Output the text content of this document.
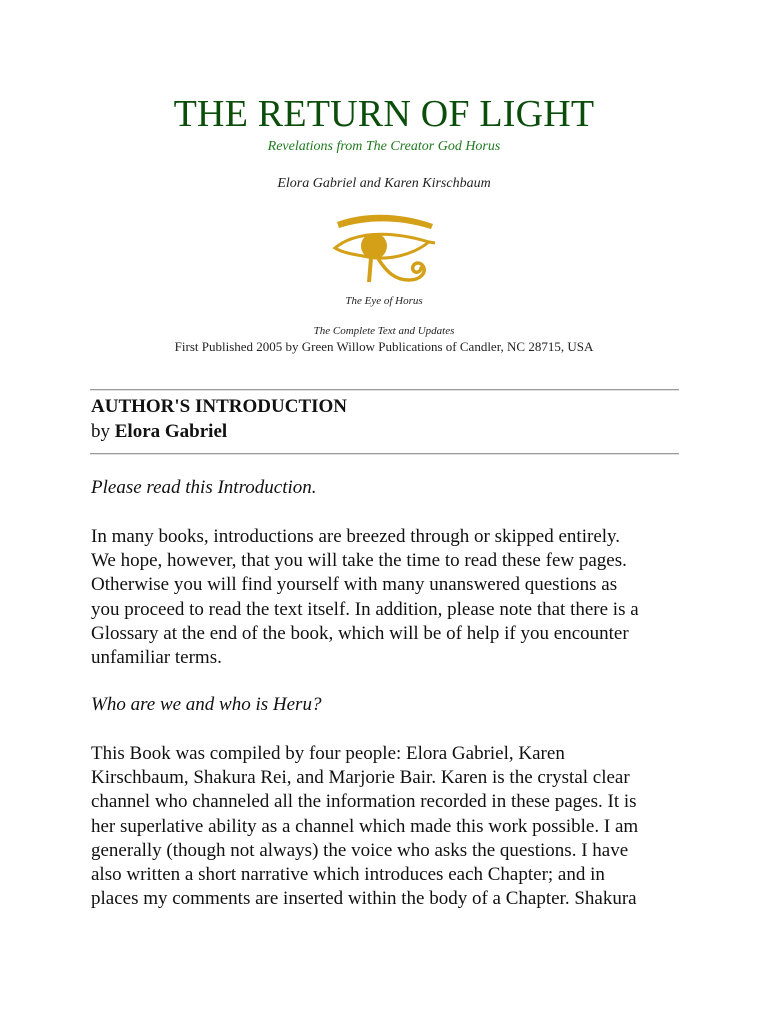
THE RETURN OF LIGHT
Revelations from The Creator God Horus
Elora Gabriel and Karen Kirschbaum
The Eye of Horus
The Complete Text and Updates
First Published 2005 by Green Willow Publications of Candler, NC 28715, USA
AUTHOR'S INTRODUCTION
by Elora Gabriel
Please read this Introduction.
In many books, introductions are breezed through or skipped entirely.
We hope, however, that you will take the time to read these few pages.
Otherwise you will find yourself with many unanswered questions as
you proceed to read the text itself. In addition, please note that there is a
Glossary at the end of the book, which will be of help if you encounter
unfamiliar terms.
Who are we and who is Heru?
This Book was compiled by four people: Elora Gabriel, Karen
Kirschbaum, Shakura Rei, and Marjorie Bair. Karen is the crystal clear
channel who channeled all the information recorded in these pages. It is
her superlative ability as a channel which made this work possible. I am
generally (though not always) the voice who asks the questions. I have
also written a short narrative which introduces each Chapter; and in
places my comments are inserted within the body of a Chapter. Shakura
